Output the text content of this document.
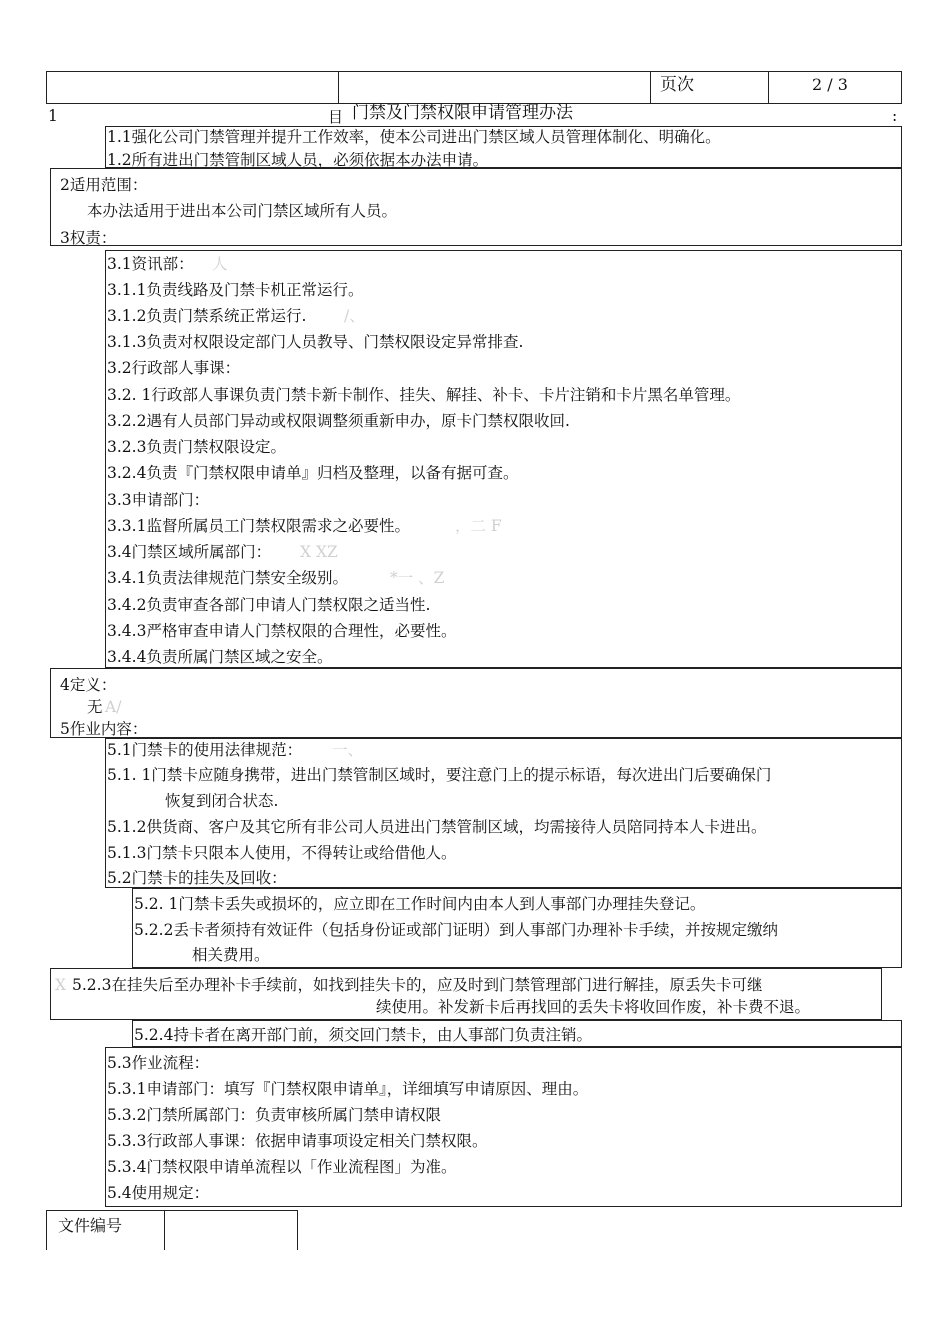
页次	2 / 3
1	目 门禁及门禁权限申请管理办法	:
1.1强化公司门禁管理并提升工作效率，使本公司进出门禁区域人员管理体制化、明确化。
1.2所有进出门禁管制区域人员，必须依据本办法申请。
2适用范围：
本办法适用于进出本公司门禁区域所有人员。
3权责：
3.1资讯部： 人
3.1.1负责线路及门禁卡机正常运行。
3.1.2负责门禁系统正常运行. /、
3.1.3负责对权限设定部门人员教导、门禁权限设定异常排查.
3.2行政部人事课：
3.2. 1行政部人事课负责门禁卡新卡制作、挂失、解挂、补卡、卡片注销和卡片黑名单管理。
3.2.2遇有人员部门异动或权限调整须重新申办，原卡门禁权限收回.
3.2.3负责门禁权限设定。
3.2.4负责『门禁权限申请单』归档及整理，以备有据可查。
3.3申请部门：
3.3.1监督所属员工门禁权限需求之必要性。	，二 F
3.4门禁区域所属部门： X XZ
3.4.1负责法律规范门禁安全级别。	*一 、Z
3.4.2负责审查各部门申请人门禁权限之适当性.
3.4.3严格审查申请人门禁权限的合理性，必要性。
3.4.4负责所属门禁区域之安全。
4定义：
无 A/
5作业内容：
5.1门禁卡的使用法律规范： 一、
5.1. 1门禁卡应随身携带，进出门禁管制区域时，要注意门上的提示标语，每次进出门后要确保门
恢复到闭合状态.
5.1.2供货商、客户及其它所有非公司人员进出门禁管制区域，均需接待人员陪同持本人卡进出。
5.1.3门禁卡只限本人使用，不得转让或给借他人。
5.2门禁卡的挂失及回收：
5.2. 1门禁卡丢失或损坏的，应立即在工作时间内由本人到人事部门办理挂失登记。
5.2.2丢卡者须持有效证件（包括身份证或部门证明）到人事部门办理补卡手续，并按规定缴纳
相关费用。
X 5.2.3在挂失后至办理补卡手续前，如找到挂失卡的，应及时到门禁管理部门进行解挂，原丢失卡可继
续使用。补发新卡后再找回的丢失卡将收回作废，补卡费不退。
5.2.4持卡者在离开部门前，须交回门禁卡，由人事部门负责注销。
5.3作业流程：
5.3.1申请部门：填写『门禁权限申请单』，详细填写申请原因、理由。
5.3.2门禁所属部门：负责审核所属门禁申请权限
5.3.3行政部人事课：依据申请事项设定相关门禁权限。
5.3.4门禁权限申请单流程以「作业流程图」为准。
5.4使用规定：
文件编号
